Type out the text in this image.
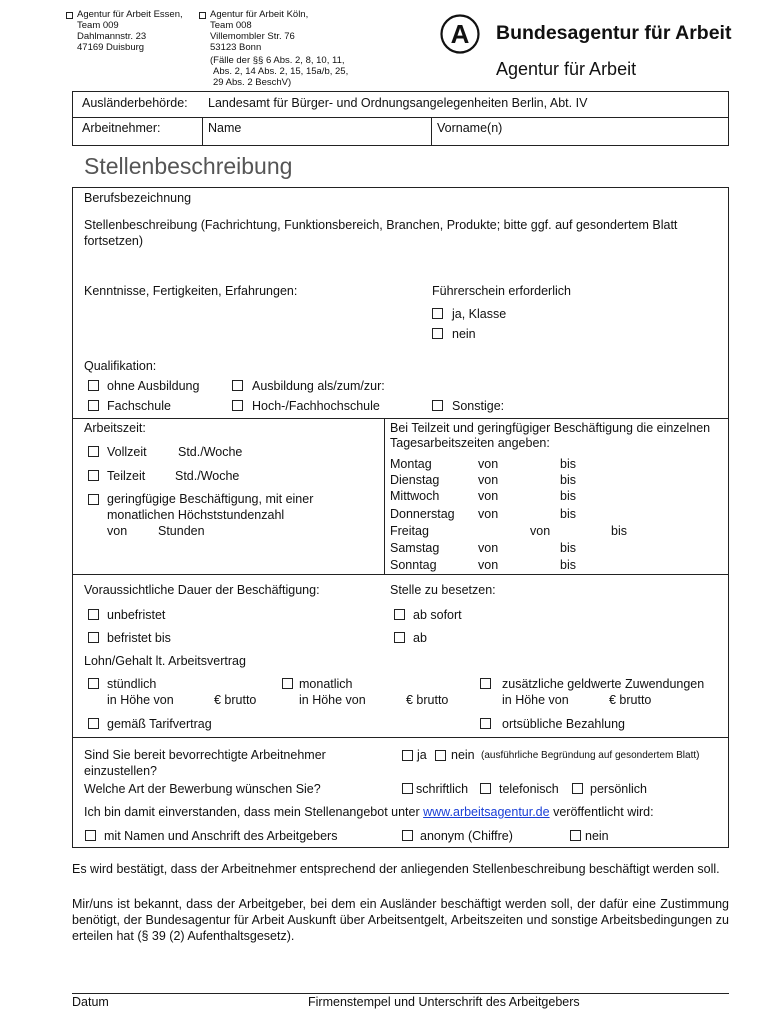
Agentur für Arbeit Essen,
Team 009
Dahlmannstr. 23
47169 Duisburg
Agentur für Arbeit Köln,
Team 008
Villemombler Str. 76
53123 Bonn
(Fälle der §§ 6 Abs. 2, 8, 10, 11,
Abs. 2, 14 Abs. 2, 15, 15a/b, 25,
29 Abs. 2 BeschV)
A Bundesagentur für Arbeit
Agentur für Arbeit
Ausländerbehörde: Landesamt für Bürger- und Ordnungsangelegenheiten Berlin, Abt. IV
Arbeitnehmer:	Name	Vorname(n)
Stellenbeschreibung
Berufsbezeichnung
Stellenbeschreibung (Fachrichtung, Funktionsbereich, Branchen, Produkte; bitte ggf. auf gesondertem Blatt fortsetzen)
Kenntnisse, Fertigkeiten, Erfahrungen:	Führerschein erforderlich
ja, Klasse
nein
Qualifikation:
ohne Ausbildung	Ausbildung als/zum/zur:
Fachschule	Hoch-/Fachhochschule	Sonstige:
Arbeitszeit:
Vollzeit	Std./Woche
Teilzeit Std./Woche
geringfügige Beschäftigung, mit einer
monatlichen Höchststundenzahl
von Stunden
Bei Teilzeit und geringfügiger Beschäftigung die einzelnen Tagesarbeitszeiten angeben:
Montag	von	bis
Dienstag	von	bis
Mittwoch	von	bis
Donnerstag von	bis
Freitag	von	bis
Samstag	von	bis
Sonntag	von	bis
Voraussichtliche Dauer der Beschäftigung:	Stelle zu besetzen:
unbefristet	ab sofort
befristet bis	ab
Lohn/Gehalt lt. Arbeitsvertrag
stündlich
in Höhe von	€ brutto
monatlich
in Höhe von	€ brutto
zusätzliche geldwerte Zuwendungen
in Höhe von	€ brutto
gemäß Tarifvertrag	ortsübliche Bezahlung
Sind Sie bereit bevorrechtigte Arbeitnehmer einzustellen?
ja nein (ausführliche Begründung auf gesondertem Blatt)
Welche Art der Bewerbung wünschen Sie?	schriftlich telefonisch persönlich
Ich bin damit einverstanden, dass mein Stellenangebot unter www.arbeitsagentur.de veröffentlicht wird:
mit Namen und Anschrift des Arbeitgebers	anonym (Chiffre)	nein
Es wird bestätigt, dass der Arbeitnehmer entsprechend der anliegenden Stellenbeschreibung beschäftigt werden soll.
Mir/uns ist bekannt, dass der Arbeitgeber, bei dem ein Ausländer beschäftigt werden soll, der dafür eine Zustimmung benötigt, der Bundesagentur für Arbeit Auskunft über Arbeitsentgelt, Arbeitszeiten und sonstige Arbeitsbedingungen zu erteilen hat (§ 39 (2) Aufenthaltsgesetz).
Datum	Firmenstempel und Unterschrift des Arbeitgebers
